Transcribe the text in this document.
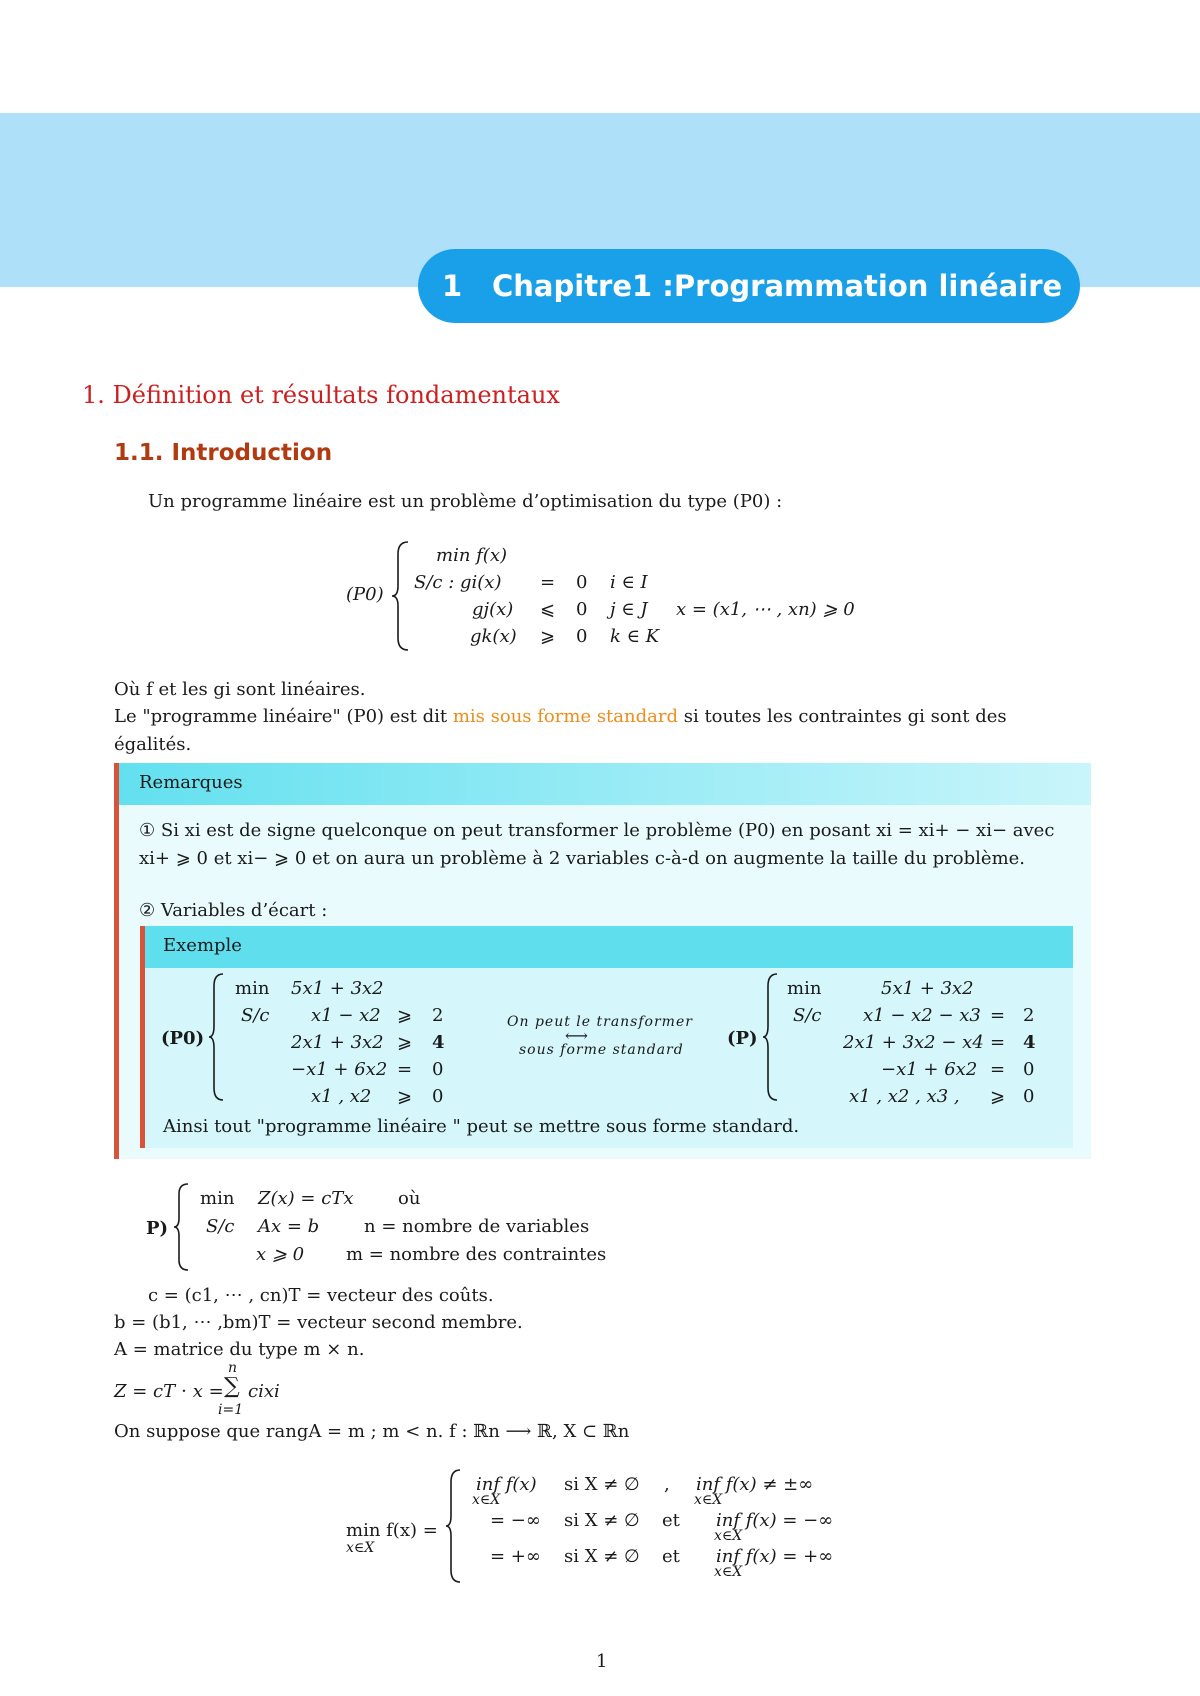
1	Chapitre1 :Programmation linéaire
1. Définition et résultats fondamentaux
1.1. Introduction
Un programme linéaire est un problème d’optimisation du type (P0) :
(P0)
min f(x)
S/c : gi(x) = 0 i ∈ I
gj(x) ⩽ 0 j ∈ J x = (x1, ⋯ , xn) ⩾ 0
gk(x) ⩾ 0 k ∈ K
Où f et les gi sont linéaires.
Le "programme linéaire" (P0) est dit mis sous forme standard si toutes les contraintes gi sont des
égalités.
Remarques
① Si xi est de signe quelconque on peut transformer le problème (P0) en posant xi = xi+ − xi− avec
xi+ ⩾ 0 et xi− ⩾ 0 et on aura un problème à 2 variables c-à-d on augmente la taille du problème.
② Variables d’écart :
Exemple
(P0)
min 5x1 + 3x2
S/c x1 − x2 ⩾ 2
2x1 + 3x2 ⩾ 4
−x1 + 6x2 = 0
x1 , x2 ⩾ 0
On peut le transformer
⟷
sous forme standard
(P)
min	5x1 + 3x2
S/c x1 − x2 − x3 = 2
2x1 + 3x2 − x4 = 4
−x1 + 6x2 = 0
x1 , x2 , x3 , ⩾ 0
Ainsi tout "programme linéaire " peut se mettre sous forme standard.
P)
min Z(x) = cTx où
S/c Ax = b n = nombre de variables
x ⩾ 0 m = nombre des contraintes
c = (c1, ⋯ , cn)T = vecteur des coûts.
b = (b1, ⋯ ,bm)T = vecteur second membre.
A = matrice du type m × n.
Z = cT ⋅ x =
n
∑
i=1
cixi
On suppose que rangA = m ; m < n. f : ℝn ⟶ ℝ, X ⊂ ℝn
min f(x) =
x∈X
inf f(x)
x∈X
si X ≠ ∅ , inf f(x) ≠ ±∞
x∈X
= −∞ si X ≠ ∅ et inf f(x) = −∞
x∈X
= +∞ si X ≠ ∅ et inf f(x) = +∞
x∈X
1
